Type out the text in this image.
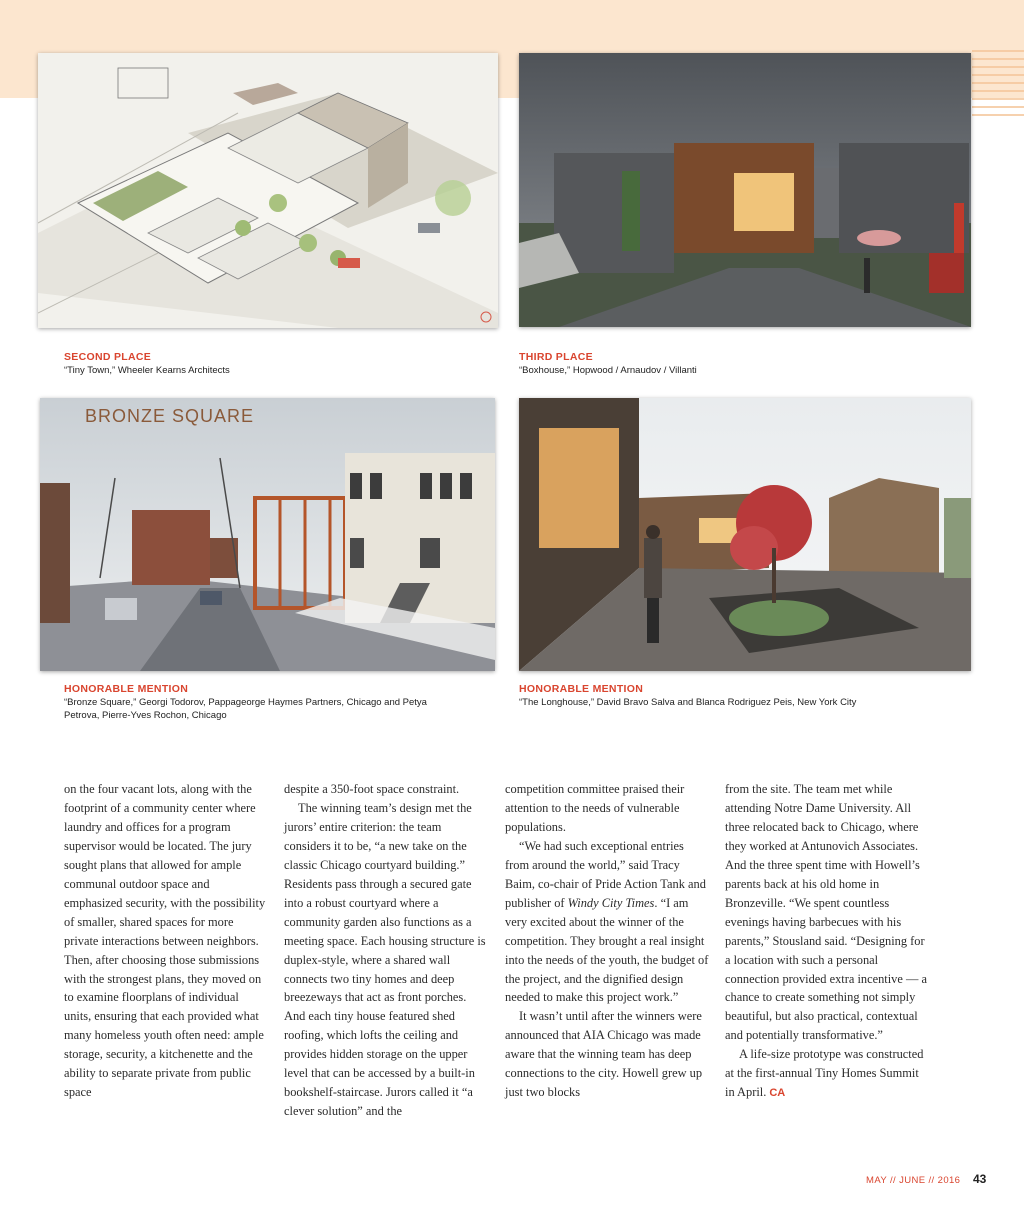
BRONZE SQUARE
SECOND PLACE
“Tiny Town,” Wheeler Kearns Architects
THIRD PLACE
“Boxhouse,” Hopwood / Arnaudov / Villanti
HONORABLE MENTION
“Bronze Square,” Georgi Todorov, Pappageorge Haymes Partners, Chicago and Petya Petrova, Pierre-Yves Rochon, Chicago
HONORABLE MENTION
“The Longhouse,” David Bravo Salva and Blanca Rodriguez Peis, New York City

on the four vacant lots, along with the footprint of a community center where laundry and offices for a program supervisor would be located. The jury sought plans that allowed for ample communal outdoor space and emphasized security, with the possibility of smaller, shared spaces for more private interactions between neighbors. Then, after choosing those submissions with the strongest plans, they moved on to examine floorplans of individual units, ensuring that each provided what many homeless youth often need: ample storage, security, a kitchenette and the ability to separate private from public space

despite a 350-foot space constraint.

The winning team’s design met the jurors’ entire criterion: the team considers it to be, “a new take on the classic Chicago courtyard building.” Residents pass through a secured gate into a robust courtyard where a community garden also functions as a meeting space. Each housing structure is duplex-style, where a shared wall connects two tiny homes and deep breezeways that act as front porches. And each tiny house featured shed roofing, which lofts the ceiling and provides hidden storage on the upper level that can be accessed by a built-in bookshelf-staircase. Jurors called it “a clever solution” and the

competition committee praised their attention to the needs of vulnerable populations.

“We had such exceptional entries from around the world,” said Tracy Baim, co-chair of Pride Action Tank and publisher of Windy City Times. “I am very excited about the winner of the competition. They brought a real insight into the needs of the youth, the budget of the project, and the dignified design needed to make this project work.”

It wasn’t until after the winners were announced that AIA Chicago was made aware that the winning team has deep connections to the city. Howell grew up just two blocks

from the site. The team met while attending Notre Dame University. All three relocated back to Chicago, where they worked at Antunovich Associates. And the three spent time with Howell’s parents back at his old home in Bronzeville. “We spent countless evenings having barbecues with his parents,” Stousland said. “Designing for a location with such a personal connection provided extra incentive — a chance to create something not simply beautiful, but also practical, contextual and potentially transformative.”

A life-size prototype was constructed at the first-annual Tiny Homes Summit in April. CA

MAY // JUNE // 2016 43
